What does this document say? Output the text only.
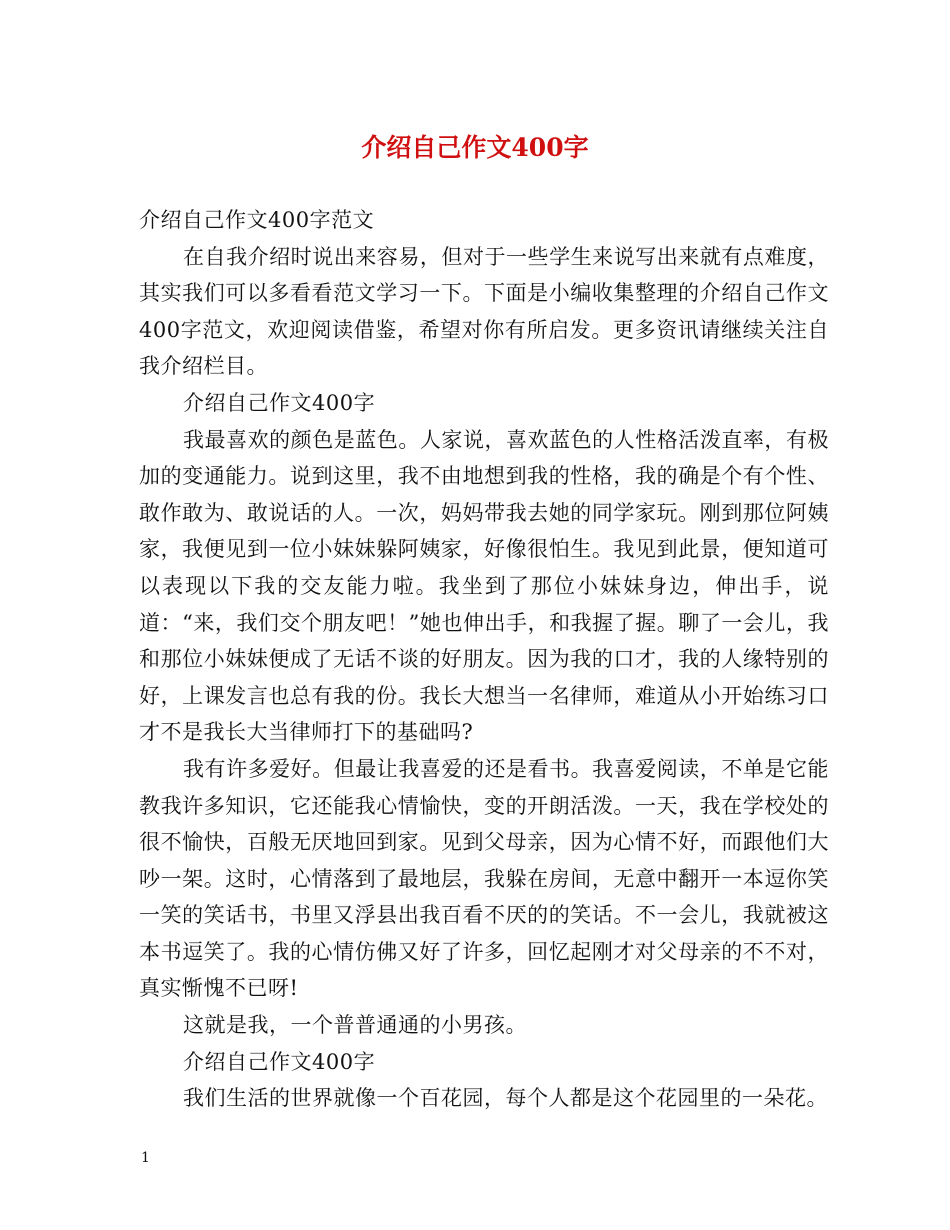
介绍自己作文400字

介绍自己作文400字范文

在自我介绍时说出来容易，但对于一些学生来说写出来就有点难度，其实我们可以多看看范文学习一下。下面是小编收集整理的介绍自己作文400字范文，欢迎阅读借鉴，希望对你有所启发。更多资讯请继续关注自我介绍栏目。

介绍自己作文400字

我最喜欢的颜色是蓝色。人家说，喜欢蓝色的人性格活泼直率，有极加的变通能力。说到这里，我不由地想到我的性格，我的确是个有个性、敢作敢为、敢说话的人。一次，妈妈带我去她的同学家玩。刚到那位阿姨家，我便见到一位小妹妹躲阿姨家，好像很怕生。我见到此景，便知道可以表现以下我的交友能力啦。我坐到了那位小妹妹身边，伸出手，说道：“来，我们交个朋友吧！”她也伸出手，和我握了握。聊了一会儿，我和那位小妹妹便成了无话不谈的好朋友。因为我的口才，我的人缘特别的好，上课发言也总有我的份。我长大想当一名律师，难道从小开始练习口才不是我长大当律师打下的基础吗?

我有许多爱好。但最让我喜爱的还是看书。我喜爱阅读，不单是它能教我许多知识，它还能我心情愉快，变的开朗活泼。一天，我在学校处的很不愉快，百般无厌地回到家。见到父母亲，因为心情不好，而跟他们大吵一架。这时，心情落到了最地层，我躲在房间，无意中翻开一本逗你笑一笑的笑话书，书里又浮县出我百看不厌的的笑话。不一会儿，我就被这本书逗笑了。我的心情仿佛又好了许多，回忆起刚才对父母亲的不不对，真实惭愧不已呀!

这就是我，一个普普通通的小男孩。

介绍自己作文400字

我们生活的世界就像一个百花园，每个人都是这个花园里的一朵花。

1
